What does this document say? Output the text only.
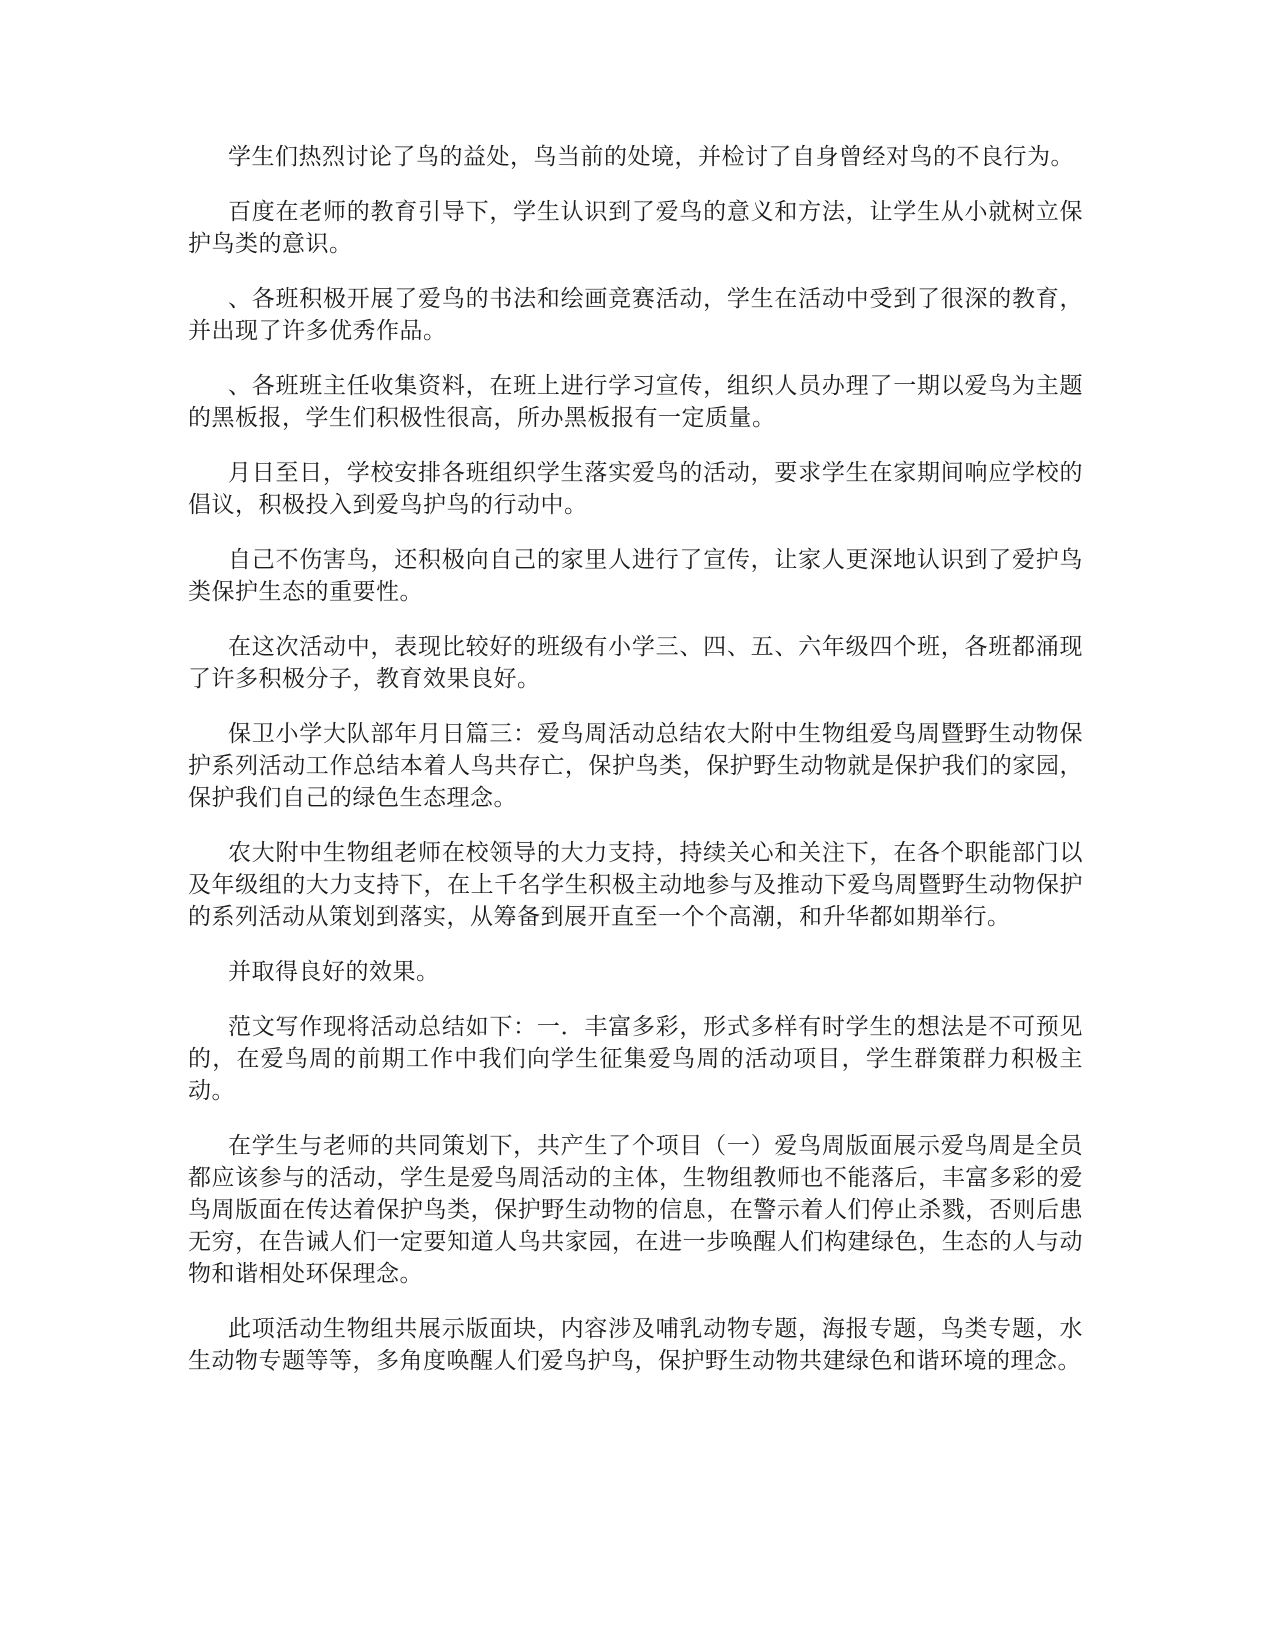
学生们热烈讨论了鸟的益处，鸟当前的处境，并检讨了自身曾经对鸟的不良行为。

百度在老师的教育引导下，学生认识到了爱鸟的意义和方法，让学生从小就树立保护鸟类的意识。

、各班积极开展了爱鸟的书法和绘画竞赛活动，学生在活动中受到了很深的教育，并出现了许多优秀作品。

、各班班主任收集资料，在班上进行学习宣传，组织人员办理了一期以爱鸟为主题的黑板报，学生们积极性很高，所办黑板报有一定质量。

月日至日，学校安排各班组织学生落实爱鸟的活动，要求学生在家期间响应学校的倡议，积极投入到爱鸟护鸟的行动中。

自己不伤害鸟，还积极向自己的家里人进行了宣传，让家人更深地认识到了爱护鸟类保护生态的重要性。

在这次活动中，表现比较好的班级有小学三、四、五、六年级四个班，各班都涌现了许多积极分子，教育效果良好。

保卫小学大队部年月日篇三：爱鸟周活动总结农大附中生物组爱鸟周暨野生动物保护系列活动工作总结本着人鸟共存亡，保护鸟类，保护野生动物就是保护我们的家园，保护我们自己的绿色生态理念。

农大附中生物组老师在校领导的大力支持，持续关心和关注下，在各个职能部门以及年级组的大力支持下，在上千名学生积极主动地参与及推动下爱鸟周暨野生动物保护的系列活动从策划到落实，从筹备到展开直至一个个高潮，和升华都如期举行。

并取得良好的效果。

范文写作现将活动总结如下：一．丰富多彩，形式多样有时学生的想法是不可预见的，在爱鸟周的前期工作中我们向学生征集爱鸟周的活动项目，学生群策群力积极主动。

在学生与老师的共同策划下，共产生了个项目（一）爱鸟周版面展示爱鸟周是全员都应该参与的活动，学生是爱鸟周活动的主体，生物组教师也不能落后，丰富多彩的爱鸟周版面在传达着保护鸟类，保护野生动物的信息，在警示着人们停止杀戮，否则后患无穷，在告诫人们一定要知道人鸟共家园，在进一步唤醒人们构建绿色，生态的人与动物和谐相处环保理念。

此项活动生物组共展示版面块，内容涉及哺乳动物专题，海报专题，鸟类专题，水生动物专题等等，多角度唤醒人们爱鸟护鸟，保护野生动物共建绿色和谐环境的理念。
